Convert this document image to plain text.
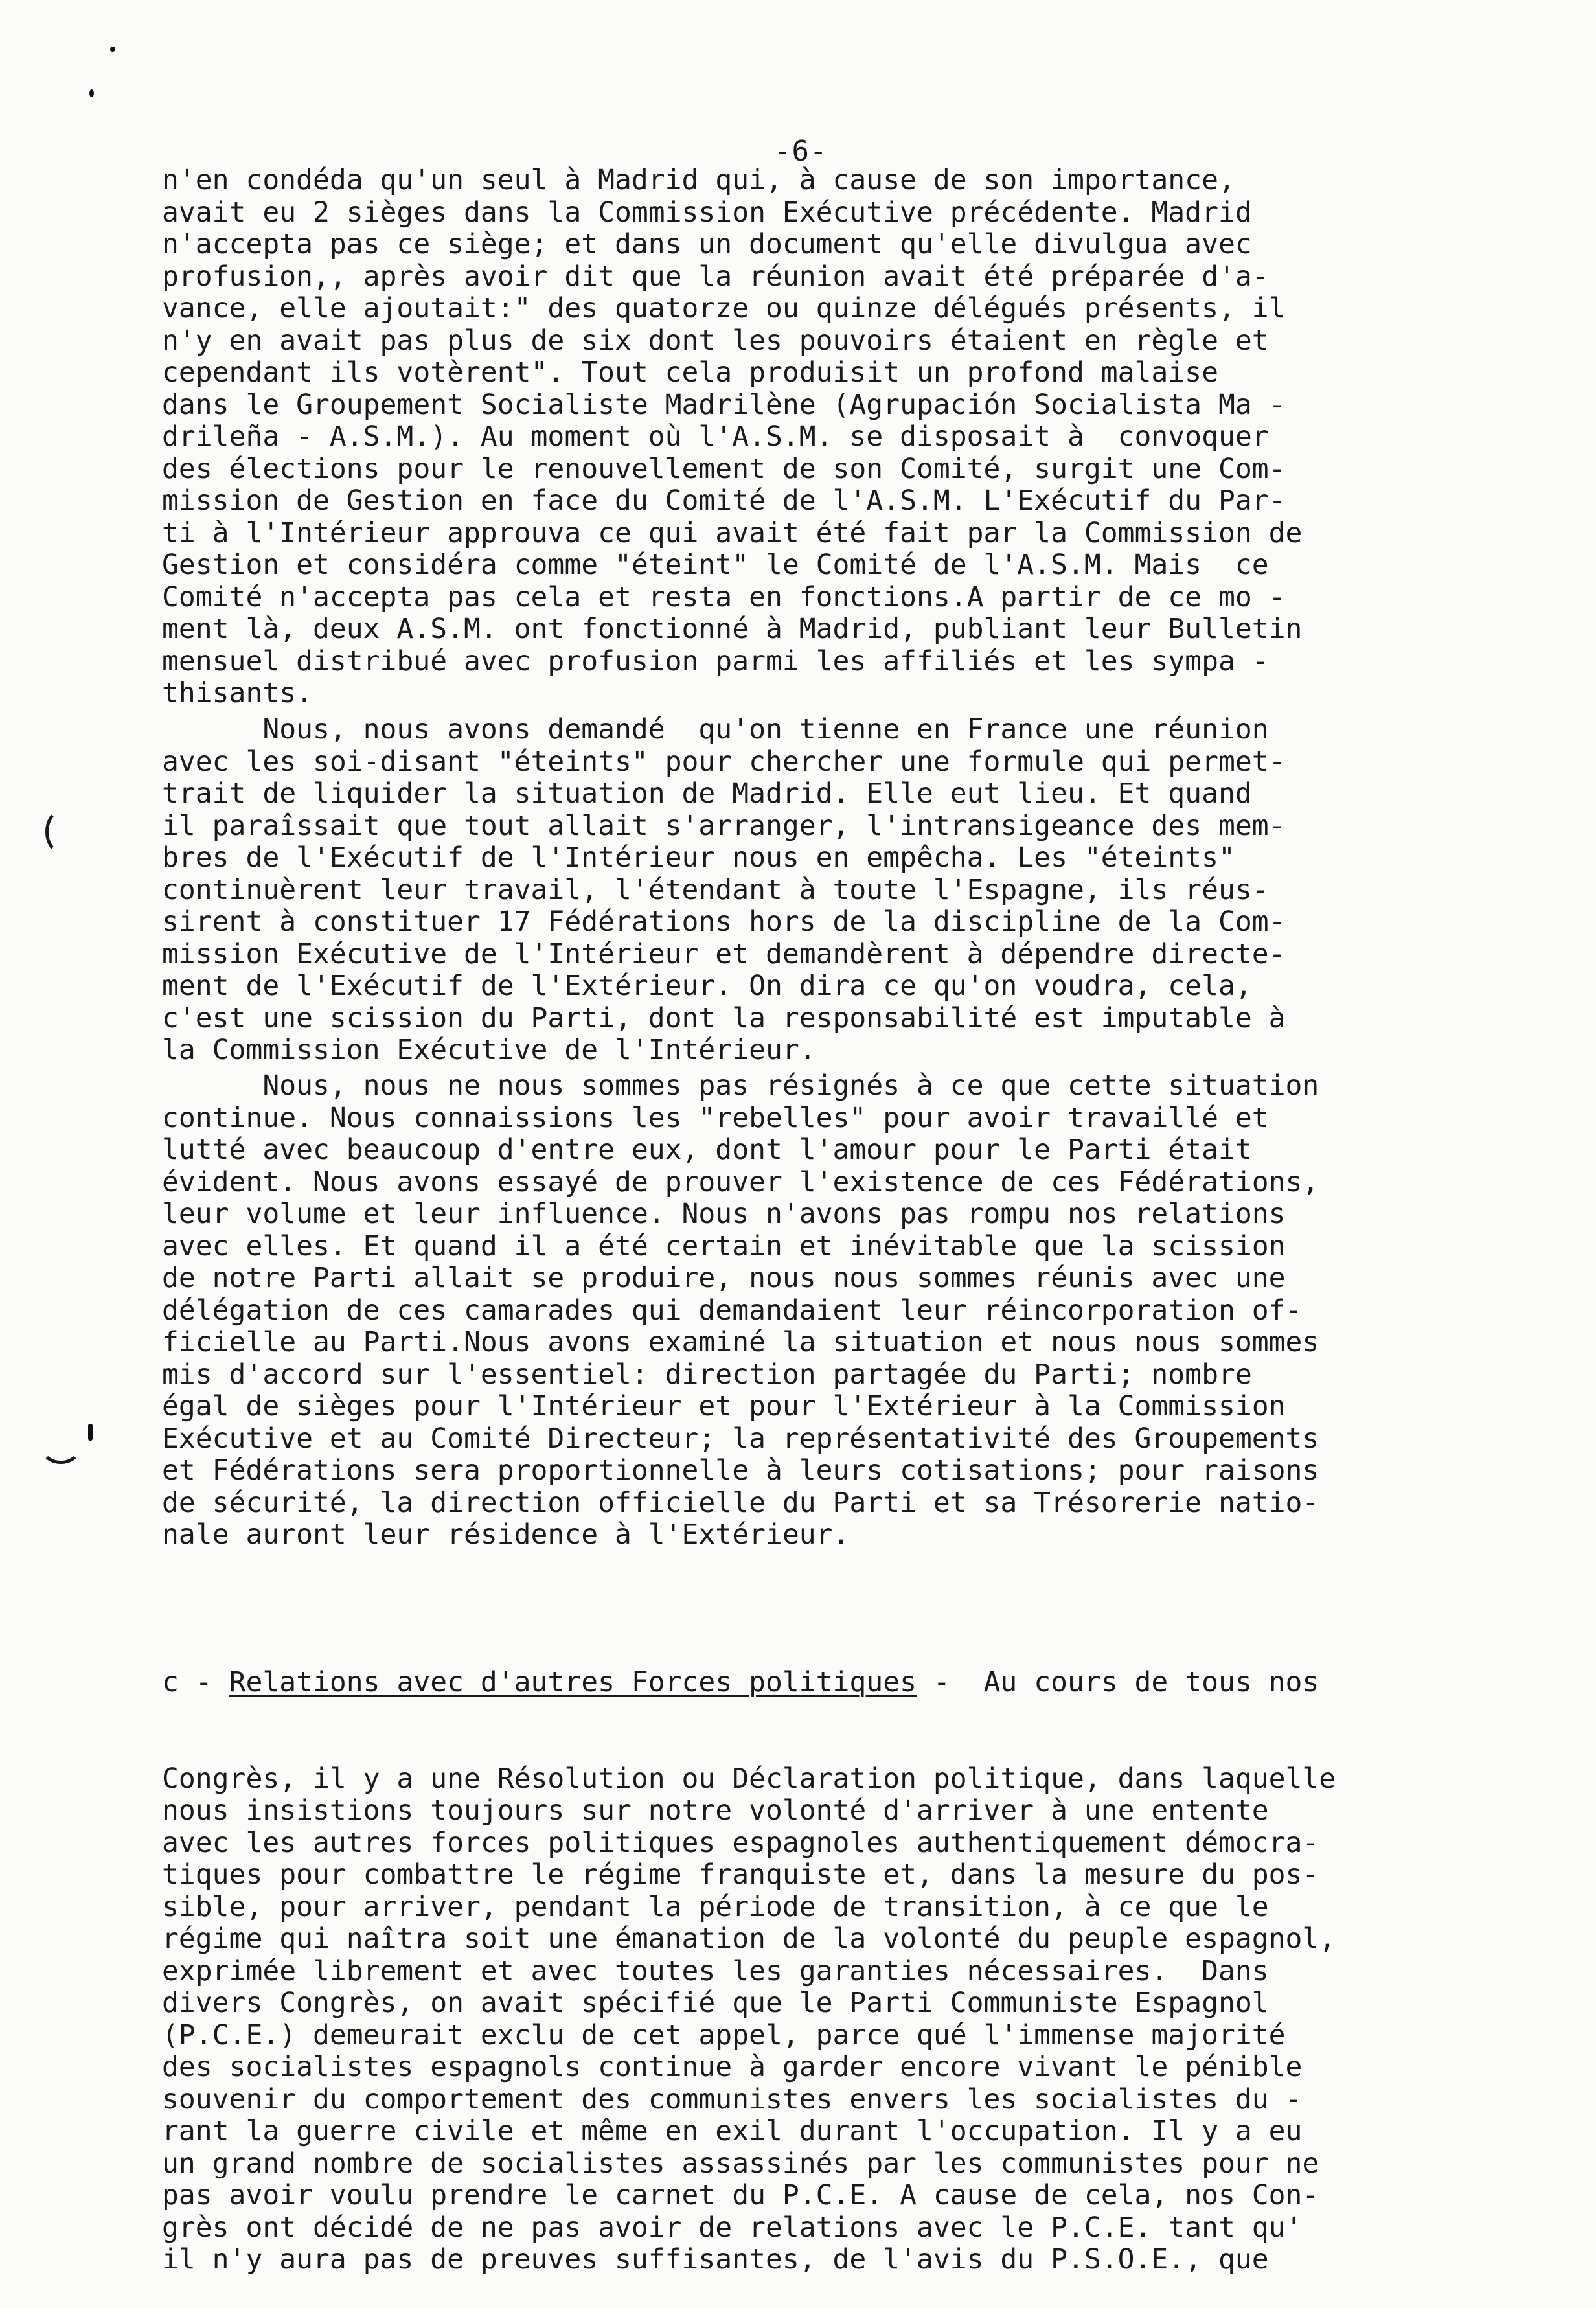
-6-
n'en condéda qu'un seul à Madrid qui, à cause de son importance,
avait eu 2 sièges dans la Commission Exécutive précédente. Madrid
n'accepta pas ce siège; et dans un document qu'elle divulgua avec
profusion,, après avoir dit que la réunion avait été préparée d'a-
vance, elle ajoutait:" des quatorze ou quinze délégués présents, il
n'y en avait pas plus de six dont les pouvoirs étaient en règle et
cependant ils votèrent". Tout cela produisit un profond malaise
dans le Groupement Socialiste Madrilène (Agrupación Socialista Ma -
drileña - A.S.M.). Au moment où l'A.S.M. se disposait à  convoquer
des élections pour le renouvellement de son Comité, surgit une Com-
mission de Gestion en face du Comité de l'A.S.M. L'Exécutif du Par-
ti à l'Intérieur approuva ce qui avait été fait par la Commission de
Gestion et considéra comme "éteint" le Comité de l'A.S.M. Mais  ce
Comité n'accepta pas cela et resta en fonctions.A partir de ce mo -
ment là, deux A.S.M. ont fonctionné à Madrid, publiant leur Bulletin
mensuel distribué avec profusion parmi les affiliés et les sympa -
thisants.
Nous, nous avons demandé  qu'on tienne en France une réunion
avec les soi-disant "éteints" pour chercher une formule qui permet-
trait de liquider la situation de Madrid. Elle eut lieu. Et quand
il paraîssait que tout allait s'arranger, l'intransigeance des mem-
bres de l'Exécutif de l'Intérieur nous en empêcha. Les "éteints"
continuèrent leur travail, l'étendant à toute l'Espagne, ils réus-
sirent à constituer 17 Fédérations hors de la discipline de la Com-
mission Exécutive de l'Intérieur et demandèrent à dépendre directe-
ment de l'Exécutif de l'Extérieur. On dira ce qu'on voudra, cela,
c'est une scission du Parti, dont la responsabilité est imputable à
la Commission Exécutive de l'Intérieur.
Nous, nous ne nous sommes pas résignés à ce que cette situation
continue. Nous connaissions les "rebelles" pour avoir travaillé et
lutté avec beaucoup d'entre eux, dont l'amour pour le Parti était
évident. Nous avons essayé de prouver l'existence de ces Fédérations,
leur volume et leur influence. Nous n'avons pas rompu nos relations
avec elles. Et quand il a été certain et inévitable que la scission
de notre Parti allait se produire, nous nous sommes réunis avec une
délégation de ces camarades qui demandaient leur réincorporation of-
ficielle au Parti.Nous avons examiné la situation et nous nous sommes
mis d'accord sur l'essentiel: direction partagée du Parti; nombre
égal de sièges pour l'Intérieur et pour l'Extérieur à la Commission
Exécutive et au Comité Directeur; la représentativité des Groupements
et Fédérations sera proportionnelle à leurs cotisations; pour raisons
de sécurité, la direction officielle du Parti et sa Trésorerie natio-
nale auront leur résidence à l'Extérieur.

c - Relations avec d'autres Forces politiques -  Au cours de tous nos

Congrès, il y a une Résolution ou Déclaration politique, dans laquelle
nous insistions toujours sur notre volonté d'arriver à une entente
avec les autres forces politiques espagnoles authentiquement démocra-
tiques pour combattre le régime franquiste et, dans la mesure du pos-
sible, pour arriver, pendant la période de transition, à ce que le
régime qui naîtra soit une émanation de la volonté du peuple espagnol,
exprimée librement et avec toutes les garanties nécessaires.  Dans
divers Congrès, on avait spécifié que le Parti Communiste Espagnol
(P.C.E.) demeurait exclu de cet appel, parce qué l'immense majorité
des socialistes espagnols continue à garder encore vivant le pénible
souvenir du comportement des communistes envers les socialistes du -
rant la guerre civile et même en exil durant l'occupation. Il y a eu
un grand nombre de socialistes assassinés par les communistes pour ne
pas avoir voulu prendre le carnet du P.C.E. A cause de cela, nos Con-
grès ont décidé de ne pas avoir de relations avec le P.C.E. tant qu'
il n'y aura pas de preuves suffisantes, de l'avis du P.S.O.E., que
